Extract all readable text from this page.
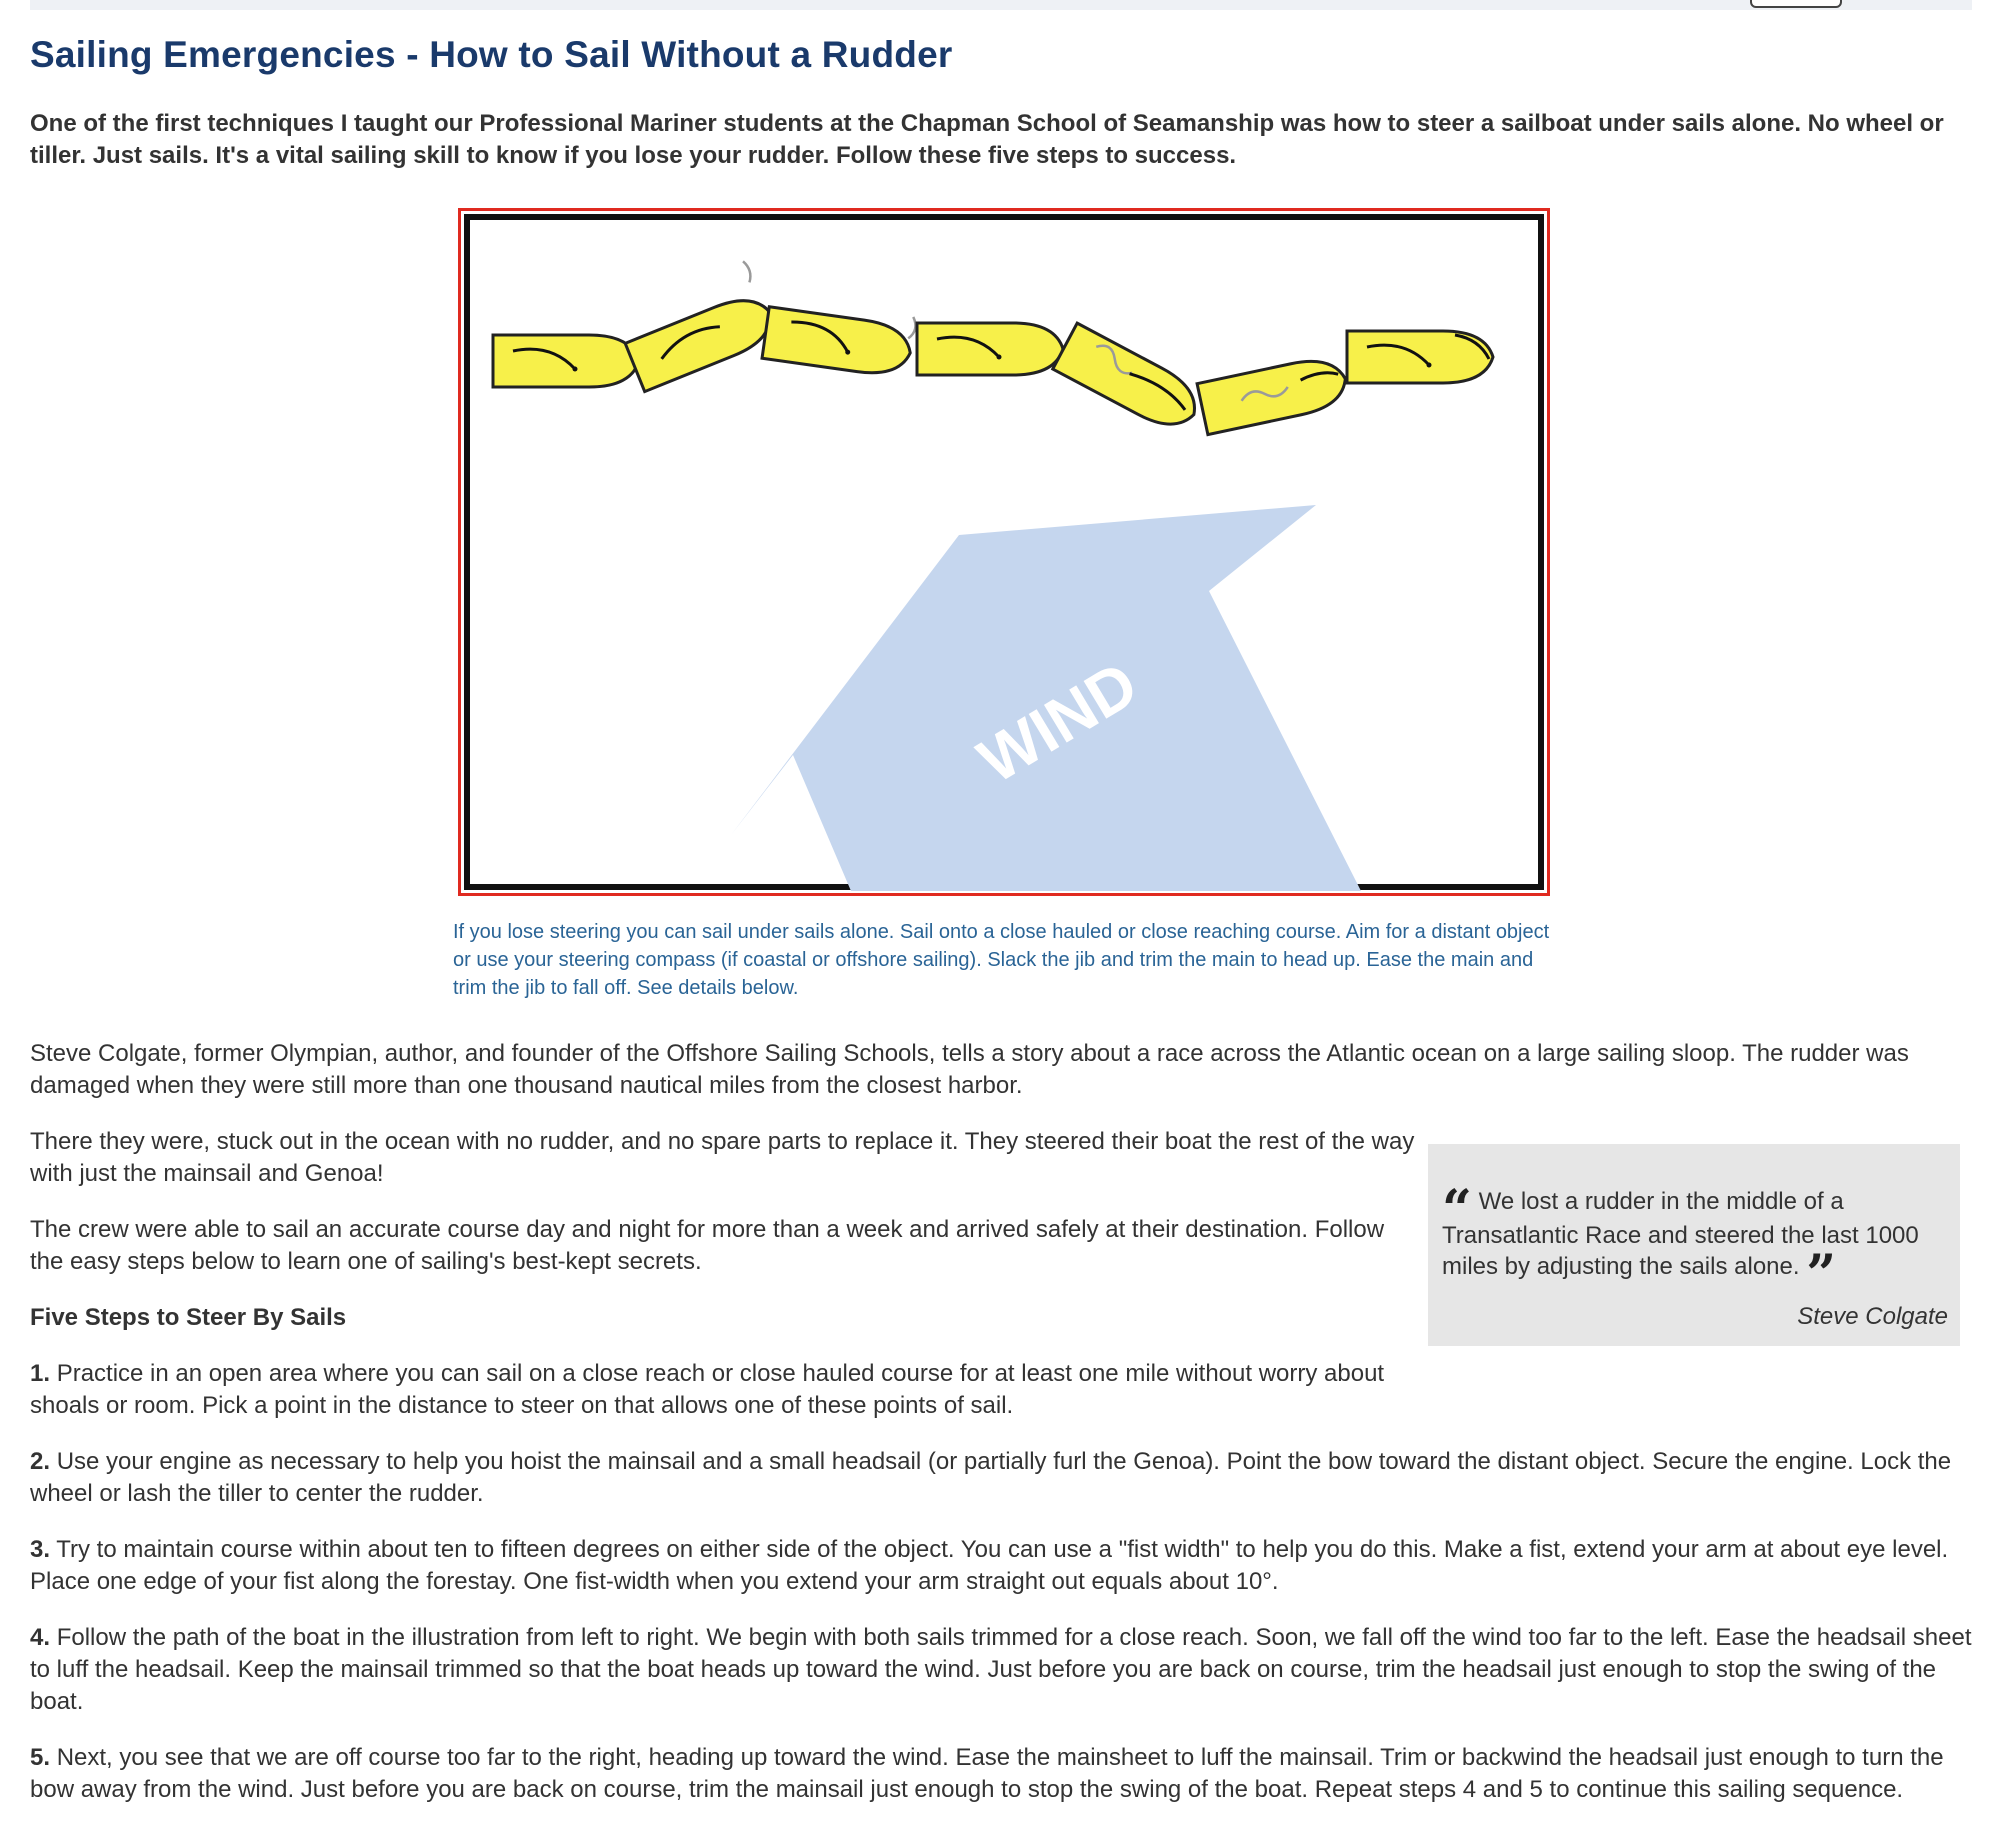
Sailing Emergencies - How to Sail Without a Rudder

One of the first techniques I taught our Professional Mariner students at the Chapman School of Seamanship was how to steer a sailboat under sails alone. No wheel or tiller. Just sails. It's a vital sailing skill to know if you lose your rudder. Follow these five steps to success.

WIND

If you lose steering you can sail under sails alone. Sail onto a close hauled or close reaching course. Aim for a distant object or use your steering compass (if coastal or offshore sailing). Slack the jib and trim the main to head up. Ease the main and trim the jib to fall off. See details below.

Steve Colgate, former Olympian, author, and founder of the Offshore Sailing Schools, tells a story about a race across the Atlantic ocean on a large sailing sloop. The rudder was damaged when they were still more than one thousand nautical miles from the closest harbor.

There they were, stuck out in the ocean with no rudder, and no spare parts to replace it. They steered their boat the rest of the way with just the mainsail and Genoa!

The crew were able to sail an accurate course day and night for more than a week and arrived safely at their destination. Follow the easy steps below to learn one of sailing's best-kept secrets.

“ We lost a rudder in the middle of a Transatlantic Race and steered the last 1000 miles by adjusting the sails alone. ”

Steve Colgate
Five Steps to Steer By Sails

1. Practice in an open area where you can sail on a close reach or close hauled course for at least one mile without worry about shoals or room. Pick a point in the distance to steer on that allows one of these points of sail.

2. Use your engine as necessary to help you hoist the mainsail and a small headsail (or partially furl the Genoa). Point the bow toward the distant object. Secure the engine. Lock the wheel or lash the tiller to center the rudder.

3. Try to maintain course within about ten to fifteen degrees on either side of the object. You can use a "fist width" to help you do this. Make a fist, extend your arm at about eye level. Place one edge of your fist along the forestay. One fist-width when you extend your arm straight out equals about 10°.

4. Follow the path of the boat in the illustration from left to right. We begin with both sails trimmed for a close reach. Soon, we fall off the wind too far to the left. Ease the headsail sheet to luff the headsail. Keep the mainsail trimmed so that the boat heads up toward the wind. Just before you are back on course, trim the headsail just enough to stop the swing of the boat.

5. Next, you see that we are off course too far to the right, heading up toward the wind. Ease the mainsheet to luff the mainsail. Trim or backwind the headsail just enough to turn the bow away from the wind. Just before you are back on course, trim the mainsail just enough to stop the swing of the boat. Repeat steps 4 and 5 to continue this sailing sequence.
